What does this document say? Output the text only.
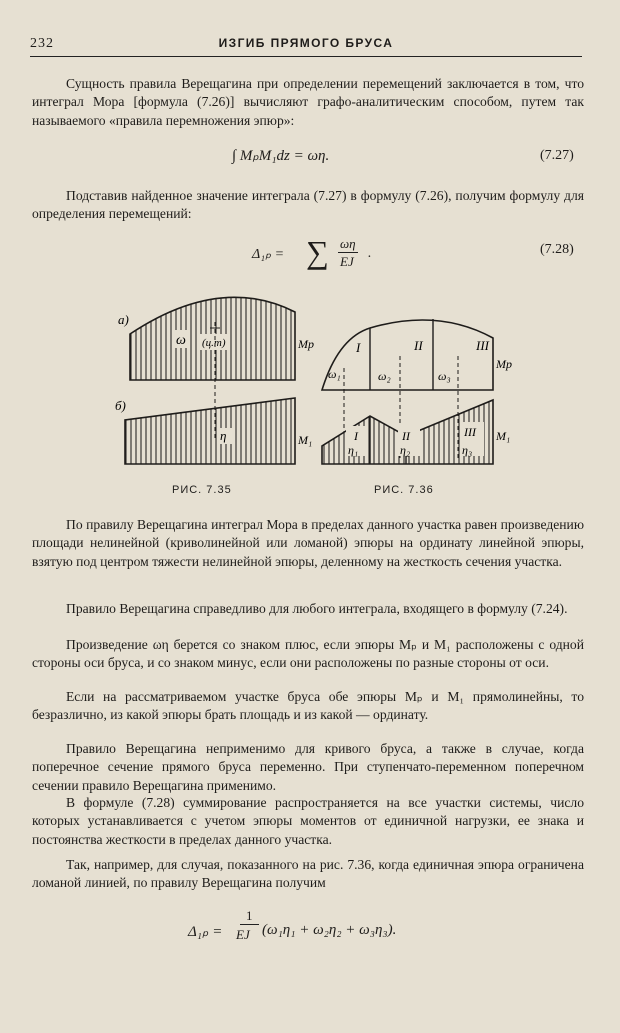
232	ИЗГИБ ПРЯМОГО БРУСА

Сущность правила Верещагина при определении перемещений заключается в том, что интеграл Мора [формула (7.26)] вычисляют графо-аналитическим способом, путем так называемого «правила перемножения эпюр»:

∫ MₚM₁dz = ωη.	(7.27)

Подставив найденное значение интеграла (7.27) в формулу (7.26), получим формулу для определения перемещений:

Δ₁ₚ = ∑ ωη
EJ
.	(7.28)
а)
ω (ц.т)	Mp
б)
η	M₁
РИС. 7.35
I	II	III
ω₁	ω₂	ω₃
Mp
I	II	III
η₁	η₂	η₃
M₁
РИС. 7.36

По правилу Верещагина интеграл Мора в пределах данного участка равен произведению площади нелинейной (криволинейной или ломаной) эпюры на ординату линейной эпюры, взятую под центром тяжести нелинейной эпюры, деленному на жесткость сечения участка.

Правило Верещагина справедливо для любого интеграла, входящего в формулу (7.24).

Произведение ωη берется со знаком плюс, если эпюры Mₚ и M₁ расположены с одной стороны оси бруса, и со знаком минус, если они расположены по разные стороны от оси.

Если на рассматриваемом участке бруса обе эпюры Mₚ и M₁ прямолинейны, то безразлично, из какой эпюры брать площадь и из какой — ординату.

Правило Верещагина неприменимо для кривого бруса, а также в случае, когда поперечное сечение прямого бруса переменно. При ступенчато-переменном поперечном сечении правило Верещагина применимо.

В формуле (7.28) суммирование распространяется на все участки системы, число которых устанавливается с учетом эпюры моментов от единичной нагрузки, ее знака и постоянства жесткости в пределах данного участка.

Так, например, для случая, показанного на рис. 7.36, когда единичная эпюра ограничена ломаной линией, по правилу Верещагина получим

Δ₁ₚ =
1
EJ (ω₁η₁ + ω₂η₂ + ω₃η₃).
